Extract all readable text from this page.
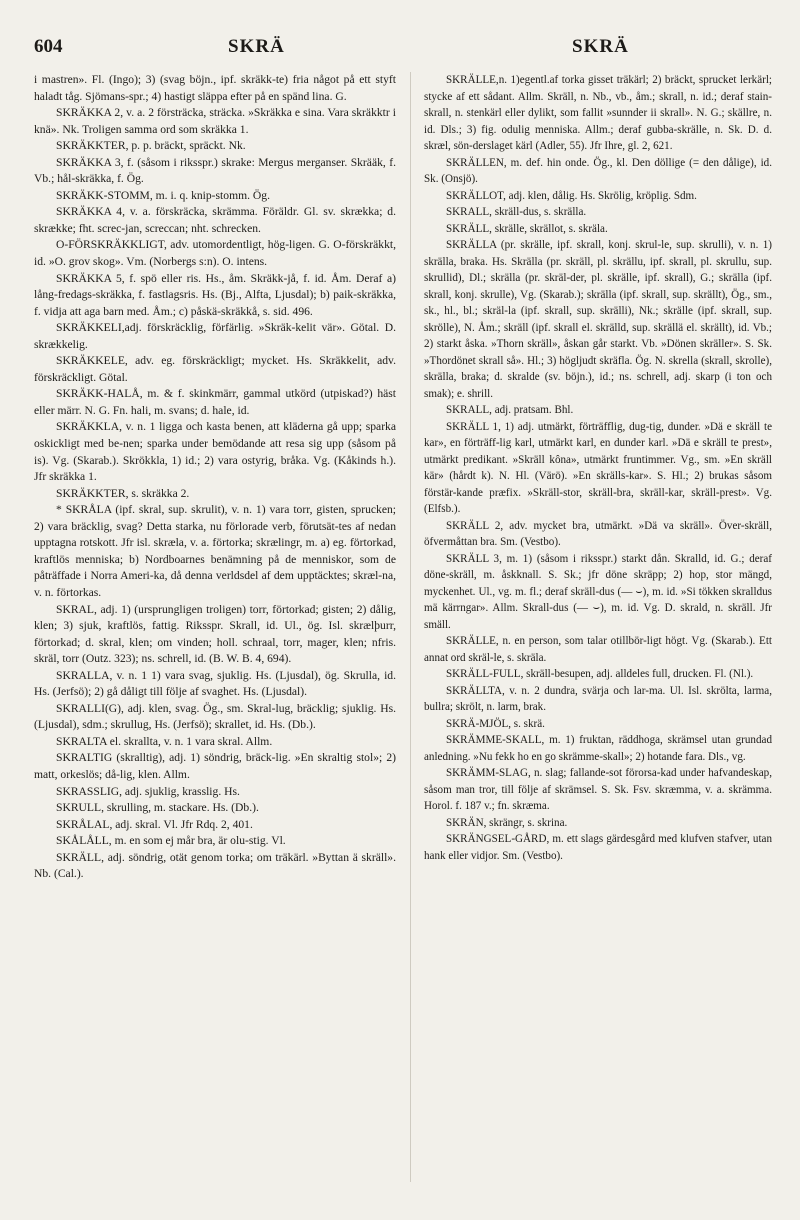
604	SKRÄ	SKRÄ

i mastren». Fl. (Ingo); 3) (svag böjn., ipf. skräkk-te) fria något på ett styft haladt tåg. Sjömans-spr.; 4) hastigt släppa efter på en spänd lina. G.

SKRÄKKA 2, v. a. 2 försträcka, sträcka. »Skräkka e sina. Vara skräkktr i knä». Nk. Troligen samma ord som skräkka 1.

SKRÄKKTER, p. p. bräckt, spräckt. Nk.

SKRÄKKA 3, f. (såsom i riksspr.) skrake: Mergus merganser. Skrääk, f. Vb.; hål-skräkka, f. Ög.

SKRÄKK-STOMM, m. i. q. knip-stomm. Ög.

SKRÄKKA 4, v. a. förskräcka, skrämma. Föräldr. Gl. sv. skrækka; d. skrække; fht. screc-jan, screccan; nht. schrecken.

O-FÖRSKRÄKKLIGT, adv. utomordentligt, hög-ligen. G. O-förskräkkt, id. »O. grov skog». Vm. (Norbergs s:n). O. intens.

SKRÄKKA 5, f. spö eller ris. Hs., åm. Skräkk-jå, f. id. Åm. Deraf a) lång-fredags-skräkka, f. fastlagsris. Hs. (Bj., Alfta, Ljusdal); b) paik-skräkka, f. vidja att aga barn med. Åm.; c) påskä-skräkkå, s. sid. 496.

SKRÄKKELI,adj. förskräcklig, förfärlig. »Skräk-kelit vär». Götal. D. skrækkelig.

SKRÄKKELE, adv. eg. förskräckligt; mycket. Hs. Skräkkelit, adv. förskräckligt. Götal.

SKRÄKK-HALÅ, m. & f. skinkmärr, gammal utkörd (utpiskad?) häst eller märr. N. G. Fn. hali, m. svans; d. hale, id.

SKRÄKKLA, v. n. 1 ligga och kasta benen, att kläderna gå upp; sparka oskickligt med be-nen; sparka under bemödande att resa sig upp (såsom på is). Vg. (Skarab.). Skrökkla, 1) id.; 2) vara ostyrig, bråka. Vg. (Kåkinds h.). Jfr skräkka 1.

SKRÄKKTER, s. skräkka 2.

* SKRÅLA (ipf. skral, sup. skrulit), v. n. 1) vara torr, gisten, sprucken; 2) vara bräcklig, svag? Detta starka, nu förlorade verb, förutsät-tes af nedan upptagna rotskott. Jfr isl. skræla, v. a. förtorka; skrælingr, m. a) eg. förtorkad, kraftlös menniska; b) Nordboarnes benämning på de menniskor, som de påträffade i Norra Ameri-ka, då denna verldsdel af dem upptäcktes; skræl-na, v. n. förtorkas.

SKRAL, adj. 1) (ursprungligen troligen) torr, förtorkad; gisten; 2) dålig, klen; 3) sjuk, kraftlös, fattig. Riksspr. Skrall, id. Ul., ög. Isl. skrælþurr, förtorkad; d. skral, klen; om vinden; holl. schraal, torr, mager, klen; nfris. skräl, torr (Outz. 323); ns. schrell, id. (B. W. B. 4, 694).

SKRALLA, v. n. 1 1) vara svag, sjuklig. Hs. (Ljusdal), ög. Skrulla, id. Hs. (Jerfsö); 2) gå dåligt till följe af svaghet. Hs. (Ljusdal).

SKRALLI(G), adj. klen, svag. Ög., sm. Skral-lug, bräcklig; sjuklig. Hs. (Ljusdal), sdm.; skrullug, Hs. (Jerfsö); skrallet, id. Hs. (Db.).

SKRALTA el. skrallta, v. n. 1 vara skral. Allm.

SKRALTIG (skralltig), adj. 1) söndrig, bräck-lig. »En skraltig stol»; 2) matt, orkeslös; då-lig, klen. Allm.

SKRASSLIG, adj. sjuklig, krasslig. Hs.

SKRULL, skrulling, m. stackare. Hs. (Db.).

SKRÅLAL, adj. skral. Vl. Jfr Rdq. 2, 401.

SKÅLÅLL, m. en som ej mår bra, är olu-stig. Vl.

SKRÄLL, adj. söndrig, otät genom torka; om träkärl. »Byttan ä skräll». Nb. (Cal.).

SKRÄLLE,n. 1)egentl.af torka gisset träkärl; 2) bräckt, sprucket lerkärl; stycke af ett sådant. Allm. Skräll, n. Nb., vb., åm.; skrall, n. id.; deraf stain-skrall, n. stenkärl eller dylikt, som fallit »sunnder ii skrall». N. G.; skällre, n. id. Dls.; 3) fig. odulig menniska. Allm.; deraf gubba-skrälle, n. Sk. D. d. skræl, sön-derslaget kärl (Adler, 55). Jfr Ihre, gl. 2, 621.

SKRÄLLEN, m. def. hin onde. Ög., kl. Den döllige (= den dålige), id. Sk. (Onsjö).

SKRÄLLOT, adj. klen, dålig. Hs. Skrölig, kröplig. Sdm.

SKRALL, skräll-dus, s. skrälla.

SKRÄLL, skrälle, skrällot, s. skräla.

SKRÄLLA (pr. skrälle, ipf. skrall, konj. skrul-le, sup. skrulli), v. n. 1) skrälla, braka. Hs. Skrälla (pr. skräll, pl. skrällu, ipf. skrall, pl. skrullu, sup. skrullid), Dl.; skrälla (pr. skräl-der, pl. skrälle, ipf. skrall), G.; skrälla (ipf. skrall, konj. skrulle), Vg. (Skarab.); skrälla (ipf. skrall, sup. skrällt), Ög., sm., sk., hl., bl.; skräl-la (ipf. skrall, sup. skrälli), Nk.; skrälle (ipf. skrall, sup. skrölle), N. Åm.; skräll (ipf. skrall el. skrälld, sup. skrällä el. skrällt), id. Vb.; 2) starkt åska. »Thorn skräll», åskan går starkt. Vb. »Dönen skräller». S. Sk. »Thordönet skrall så». Hl.; 3) högljudt skräfla. Ög. N. skrella (skrall, skrolle), skrälla, braka; d. skralde (sv. böjn.), id.; ns. schrell, adj. skarp (i ton och smak); e. shrill.

SKRALL, adj. pratsam. Bhl.

SKRÄLL 1, 1) adj. utmärkt, förträfflig, dug-tig, dunder. »Dä e skräll te kar», en förträff-lig karl, utmärkt karl, en dunder karl. »Dä e skräll te prest», utmärkt predikant. »Skräll kôna», utmärkt fruntimmer. Vg., sm. »En skräll kär» (hårdt k). N. Hl. (Värö). »En skrälls-kar». S. Hl.; 2) brukas såsom förstär-kande præfix. »Skräll-stor, skräll-bra, skräll-kar, skräll-prest». Vg. (Elfsb.).

SKRÄLL 2, adv. mycket bra, utmärkt. »Dä va skräll». Över-skräll, öfvermåttan bra. Sm. (Vestbo).

SKRÄLL 3, m. 1) (såsom i riksspr.) starkt dån. Skralld, id. G.; deraf döne-skräll, m. åskknall. S. Sk.; jfr döne skräpp; 2) hop, stor mängd, myckenhet. Ul., vg. m. fl.; deraf skräll-dus (— ⌣), m. id. »Si tökken skralldus mä kärrngar». Allm. Skrall-dus (— ⌣), m. id. Vg. D. skrald, n. skräll. Jfr smäll.

SKRÄLLE, n. en person, som talar otillbör-ligt högt. Vg. (Skarab.). Ett annat ord skräl-le, s. skräla.

SKRÄLL-FULL, skräll-besupen, adj. alldeles full, drucken. Fl. (Nl.).

SKRÄLLTA, v. n. 2 dundra, svärja och lar-ma. Ul. Isl. skrölta, larma, bullra; skrölt, n. larm, brak.

SKRÄ-MJÖL, s. skrä.

SKRÄMME-SKALL, m. 1) fruktan, räddhoga, skrämsel utan grundad anledning. »Nu fekk ho en go skrämme-skall»; 2) hotande fara. Dls., vg.

SKRÄMM-SLAG, n. slag; fallande-sot förorsa-kad under hafvandeskap, såsom man tror, till följe af skrämsel. S. Sk. Fsv. skræmma, v. a. skrämma. Horol. f. 187 v.; fn. skræma.

SKRÄN, skrängr, s. skrina.

SKRÄNGSEL-GÅRD, m. ett slags gärdesgård med klufven stafver, utan hank eller vidjor. Sm. (Vestbo).
